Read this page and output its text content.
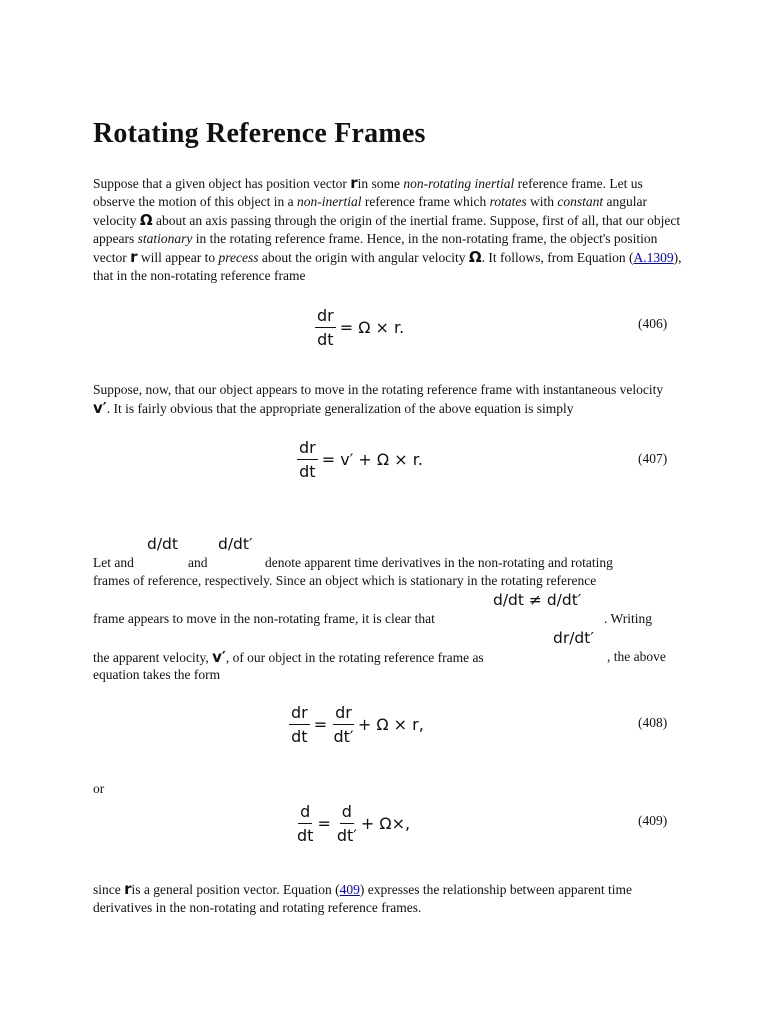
Rotating Reference Frames
Suppose that a given object has position vector rin some non-rotating inertial reference frame. Let us observe the motion of this object in a non-inertial reference frame which rotates with constant angular velocity Ω about an axis passing through the origin of the inertial frame. Suppose, first of all, that our object appears stationary in the rotating reference frame. Hence, in the non-rotating frame, the object's position vector r will appear to precess about the origin with angular velocity Ω. It follows, from Equation (A.1309), that in the non-rotating reference frame
$\frac{dr}{dt} = \Omega \times r$.	(406)
Suppose, now, that our object appears to move in the rotating reference frame with instantaneous velocity v′. It is fairly obvious that the appropriate generalization of the above equation is simply
$\frac{dr}{dt} = v' + \Omega \times r$.	(407)
d/dt	d/dt′
Let and	and	denote apparent time derivatives in the non-rotating and rotating
frames of reference, respectively. Since an object which is stationary in the rotating reference
d/dt ≠ d/dt′
frame appears to move in the non-rotating frame, it is clear that	. Writing
dr/dt′
the apparent velocity, v′, of our object in the rotating reference frame as	, the above
equation takes the form
$\frac{dr}{dt} = \frac{dr}{dt'} + \Omega \times r$,	(408)
or
$\frac{d}{dt} = \frac{d}{dt'} + \Omega\times$,	(409)
since ris a general position vector. Equation (409) expresses the relationship between apparent time derivatives in the non-rotating and rotating reference frames.
